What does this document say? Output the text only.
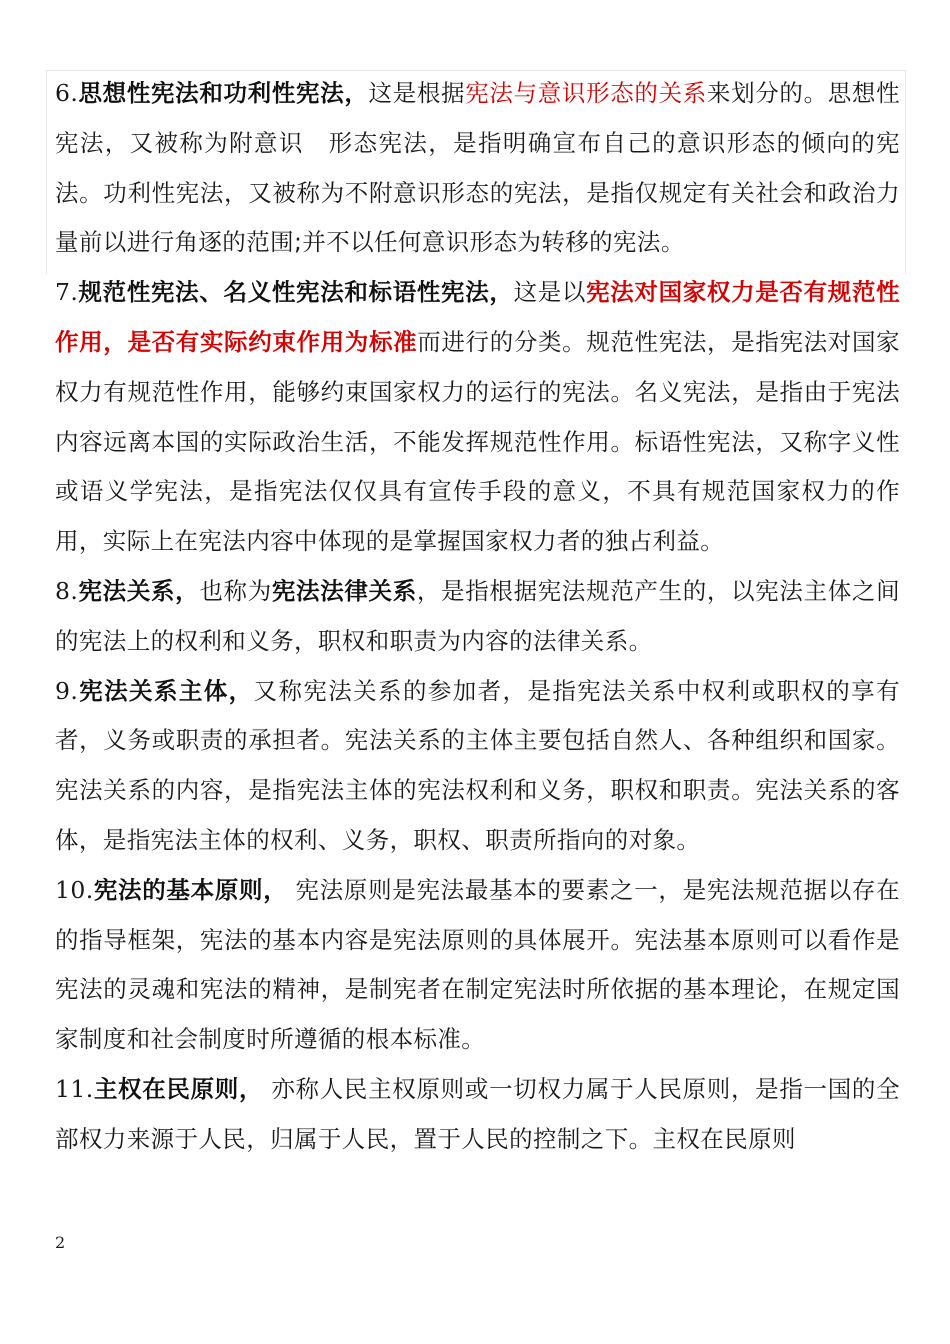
6.思想性宪法和功利性宪法，这是根据宪法与意识形态的关系来划分的。思想性宪法，又被称为附意识　形态宪法，是指明确宣布自己的意识形态的倾向的宪法。功利性宪法，又被称为不附意识形态的宪法，是指仅规定有关社会和政治力量前以进行角逐的范围;并不以任何意识形态为转移的宪法。

7.规范性宪法、名义性宪法和标语性宪法，这是以宪法对国家权力是否有规范性作用，是否有实际约束作用为标准而进行的分类。规范性宪法，是指宪法对国家权力有规范性作用，能够约束国家权力的运行的宪法。名义宪法，是指由于宪法内容远离本国的实际政治生活，不能发挥规范性作用。标语性宪法，又称字义性或语义学宪法，是指宪法仅仅具有宣传手段的意义，不具有规范国家权力的作用，实际上在宪法内容中体现的是掌握国家权力者的独占利益。

8.宪法关系，也称为宪法法律关系，是指根据宪法规范产生的，以宪法主体之间的宪法上的权利和义务，职权和职责为内容的法律关系。

9.宪法关系主体，又称宪法关系的参加者，是指宪法关系中权利或职权的享有者，义务或职责的承担者。宪法关系的主体主要包括自然人、各种组织和国家。宪法关系的内容，是指宪法主体的宪法权利和义务，职权和职责。宪法关系的客体，是指宪法主体的权利、义务，职权、职责所指向的对象。

10.宪法的基本原则， 宪法原则是宪法最基本的要素之一，是宪法规范据以存在的指导框架，宪法的基本内容是宪法原则的具体展开。宪法基本原则可以看作是宪法的灵魂和宪法的精神，是制宪者在制定宪法时所依据的基本理论，在规定国家制度和社会制度时所遵循的根本标准。

11.主权在民原则， 亦称人民主权原则或一切权力属于人民原则，是指一国的全部权力来源于人民，归属于人民，置于人民的控制之下。主权在民原则

2
